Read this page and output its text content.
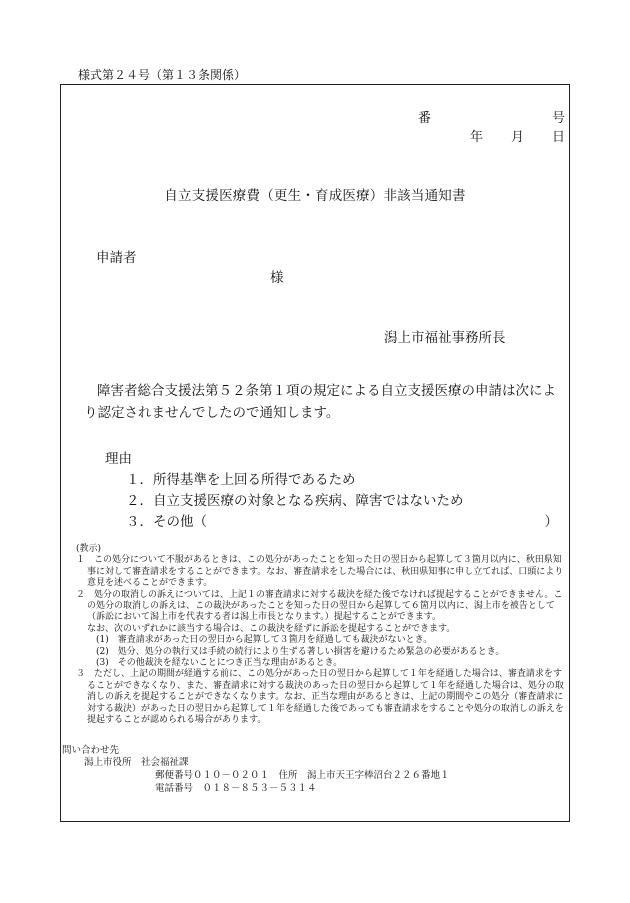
様式第２４号（第１３条関係）
番	号
年 月 日
自立支援医療費（更生・育成医療）非該当通知書
申請者
様
潟上市福祉事務所長
障害者総合支援法第５２条第１項の規定による自立支援医療の申請は次により認定されませんでしたので通知します。
理由
１．所得基準を上回る所得であるため
２．自立支援医療の対象となる疾病、障害ではないため
３．その他（　　　　　　　　　　　　　　　　　　　　　　　　　）

(教示)

１　この処分について不服があるときは、この処分があったことを知った日の翌日から起算して３箇月以内に、秋田県知事に対して審査請求をすることができます。なお、審査請求をした場合には、秋田県知事に申し立てれば、口頭により意見を述べることができます。

２　処分の取消しの訴えについては、上記１の審査請求に対する裁決を経た後でなければ提起することができません。この処分の取消しの訴えは、この裁決があったことを知った日の翌日から起算して６箇月以内に、潟上市を被告として（訴訟において潟上市を代表する者は潟上市長となります。）提起することができます。

なお、次のいずれかに該当する場合は、この裁決を経ずに訴訟を提起することができます。

(1)　審査請求があった日の翌日から起算して３箇月を経過しても裁決がないとき。

(2)　処分、処分の執行又は手続の続行により生ずる著しい損害を避けるため緊急の必要があるとき。

(3)　その他裁決を経ないことにつき正当な理由があるとき。

３　ただし、上記の期間が経過する前に、この処分があった日の翌日から起算して１年を経過した場合は、審査請求をすることができなくなり、また、審査請求に対する裁決のあった日の翌日から起算して１年を経過した場合は、処分の取消しの訴えを提起することができなくなります。なお、正当な理由があるときは、上記の期間やこの処分（審査請求に対する裁決）があった日の翌日から起算して１年を経過した後であっても審査請求をすることや処分の取消しの訴えを提起することが認められる場合があります。

問い合わせ先
潟上市役所　社会福祉課
郵便番号０１０－０２０１　住所　潟上市天王字棒沼台２２６番地１
電話番号　０１８－８５３－５３１４
